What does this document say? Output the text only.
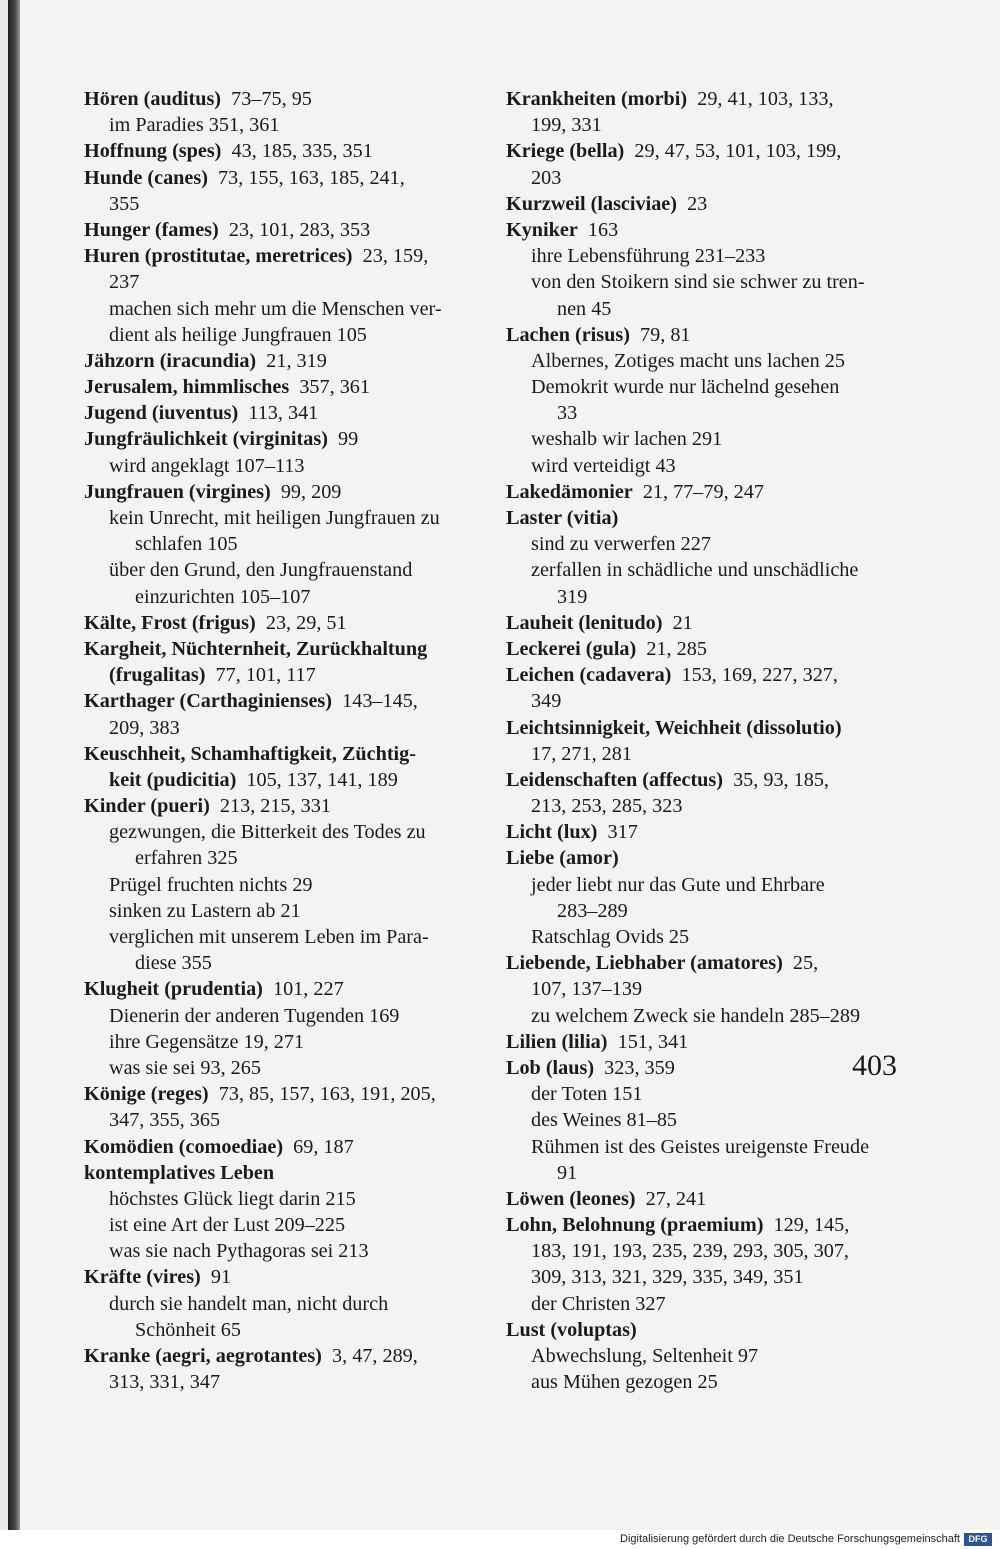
Hören (auditus)  73–75, 95
im Paradies 351, 361
Hoffnung (spes)  43, 185, 335, 351
Hunde (canes)  73, 155, 163, 185, 241,
355
Hunger (fames)  23, 101, 283, 353
Huren (prostitutae, meretrices)  23, 159,
237
machen sich mehr um die Menschen ver-
dient als heilige Jungfrauen 105
Jähzorn (iracundia)  21, 319
Jerusalem, himmlisches  357, 361
Jugend (iuventus)  113, 341
Jungfräulichkeit (virginitas)  99
wird angeklagt 107–113
Jungfrauen (virgines)  99, 209
kein Unrecht, mit heiligen Jungfrauen zu
schlafen 105
über den Grund, den Jungfrauenstand
einzurichten 105–107
Kälte, Frost (frigus)  23, 29, 51
Kargheit, Nüchternheit, Zurückhaltung
(frugalitas)  77, 101, 117
Karthager (Carthaginienses)  143–145,
209, 383
Keuschheit, Schamhaftigkeit, Züchtig-
keit (pudicitia)  105, 137, 141, 189
Kinder (pueri)  213, 215, 331
gezwungen, die Bitterkeit des Todes zu
erfahren 325
Prügel fruchten nichts 29
sinken zu Lastern ab 21
verglichen mit unserem Leben im Para-
diese 355
Klugheit (prudentia)  101, 227
Dienerin der anderen Tugenden 169
ihre Gegensätze 19, 271
was sie sei 93, 265
Könige (reges)  73, 85, 157, 163, 191, 205,
347, 355, 365
Komödien (comoediae)  69, 187
kontemplatives Leben
höchstes Glück liegt darin 215
ist eine Art der Lust 209–225
was sie nach Pythagoras sei 213
Kräfte (vires)  91
durch sie handelt man, nicht durch
Schönheit 65
Kranke (aegri, aegrotantes)  3, 47, 289,
313, 331, 347
Krankheiten (morbi)  29, 41, 103, 133,
199, 331
Kriege (bella)  29, 47, 53, 101, 103, 199,
203
Kurzweil (lasciviae)  23
Kyniker  163
ihre Lebensführung 231–233
von den Stoikern sind sie schwer zu tren-
nen 45
Lachen (risus)  79, 81
Albernes, Zotiges macht uns lachen 25
Demokrit wurde nur lächelnd gesehen
33
weshalb wir lachen 291
wird verteidigt 43
Lakedämonier  21, 77–79, 247
Laster (vitia)
sind zu verwerfen 227
zerfallen in schädliche und unschädliche
319
Lauheit (lenitudo)  21
Leckerei (gula)  21, 285
Leichen (cadavera)  153, 169, 227, 327,
349
Leichtsinnigkeit, Weichheit (dissolutio)
17, 271, 281
Leidenschaften (affectus)  35, 93, 185,
213, 253, 285, 323
Licht (lux)  317
Liebe (amor)
jeder liebt nur das Gute und Ehrbare
283–289
Ratschlag Ovids 25
Liebende, Liebhaber (amatores)  25,
107, 137–139
zu welchem Zweck sie handeln 285–289
Lilien (lilia)  151, 341
Lob (laus)  323, 359
der Toten 151
des Weines 81–85
Rühmen ist des Geistes ureigenste Freude
91
Löwen (leones)  27, 241
Lohn, Belohnung (praemium)  129, 145,
183, 191, 193, 235, 239, 293, 305, 307,
309, 313, 321, 329, 335, 349, 351
der Christen 327
Lust (voluptas)
Abwechslung, Seltenheit 97
aus Mühen gezogen 25
403
Digitalisierung gefördert durch die Deutsche Forschungsgemeinschaft DFG
